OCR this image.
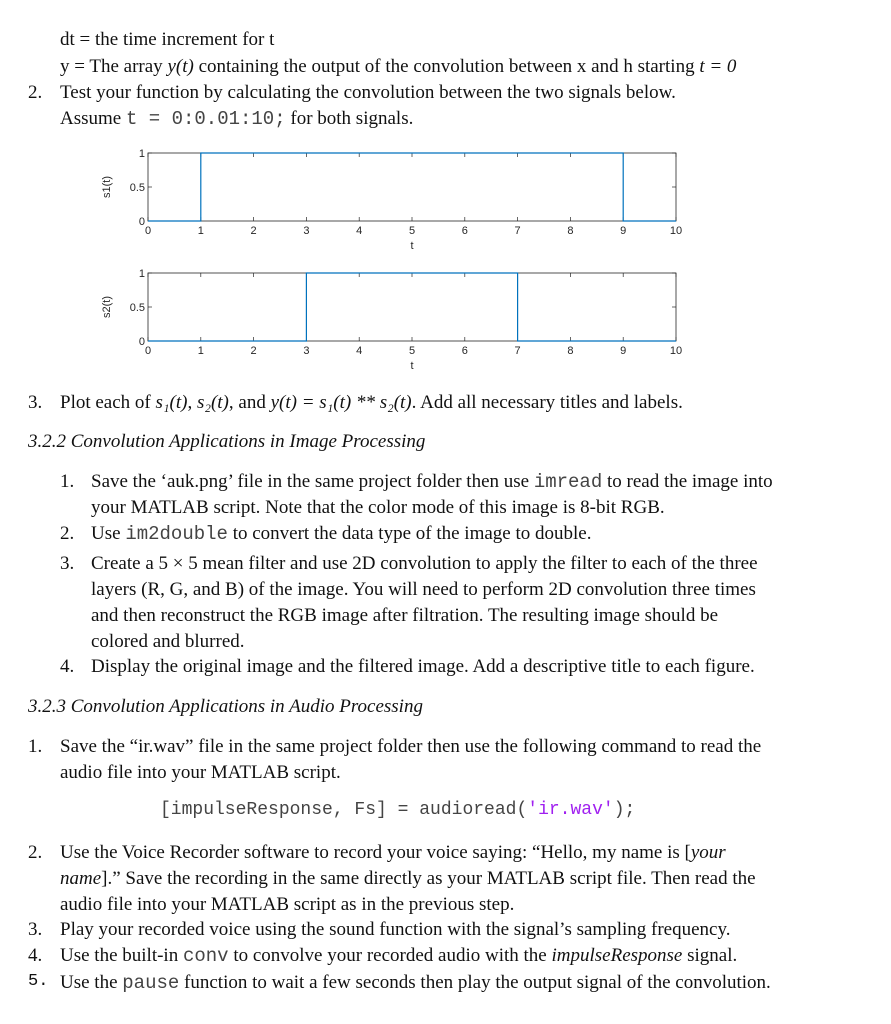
dt = the time increment for t
y = The array y(t) containing the output of the convolution between x and h starting t = 0
2. Test your function by calculating the convolution between the two signals below.
Assume t = 0:0.01:10; for both signals.
0	1	2	3	4	5	6	7	8	9	10
0
0.5
1
t
s1(t)
0	1	2	3	4	5	6	7	8	9	10
0
0.5
1
t
s2(t)
3. Plot each of s₁(t), s₂(t), and y(t) = s₁(t) ** s₂(t). Add all necessary titles and labels.
3.2.2 Convolution Applications in Image Processing
1. Save the ‘auk.png’ file in the same project folder then use imread to read the image into
your MATLAB script. Note that the color mode of this image is 8-bit RGB.
2. Use im2double to convert the data type of the image to double.
3. Create a 5 × 5 mean filter and use 2D convolution to apply the filter to each of the three
layers (R, G, and B) of the image. You will need to perform 2D convolution three times
and then reconstruct the RGB image after filtration. The resulting image should be
colored and blurred.
4. Display the original image and the filtered image. Add a descriptive title to each figure.
3.2.3 Convolution Applications in Audio Processing
1. Save the “ir.wav” file in the same project folder then use the following command to read the
audio file into your MATLAB script.
[impulseResponse, Fs] = audioread('ir.wav');
2. Use the Voice Recorder software to record your voice saying: “Hello, my name is [your
name].” Save the recording in the same directly as your MATLAB script file. Then read the
audio file into your MATLAB script as in the previous step.
3. Play your recorded voice using the sound function with the signal’s sampling frequency.
4. Use the built-in conv to convolve your recorded audio with the impulseResponse signal.
5. Use the pause function to wait a few seconds then play the output signal of the convolution.
